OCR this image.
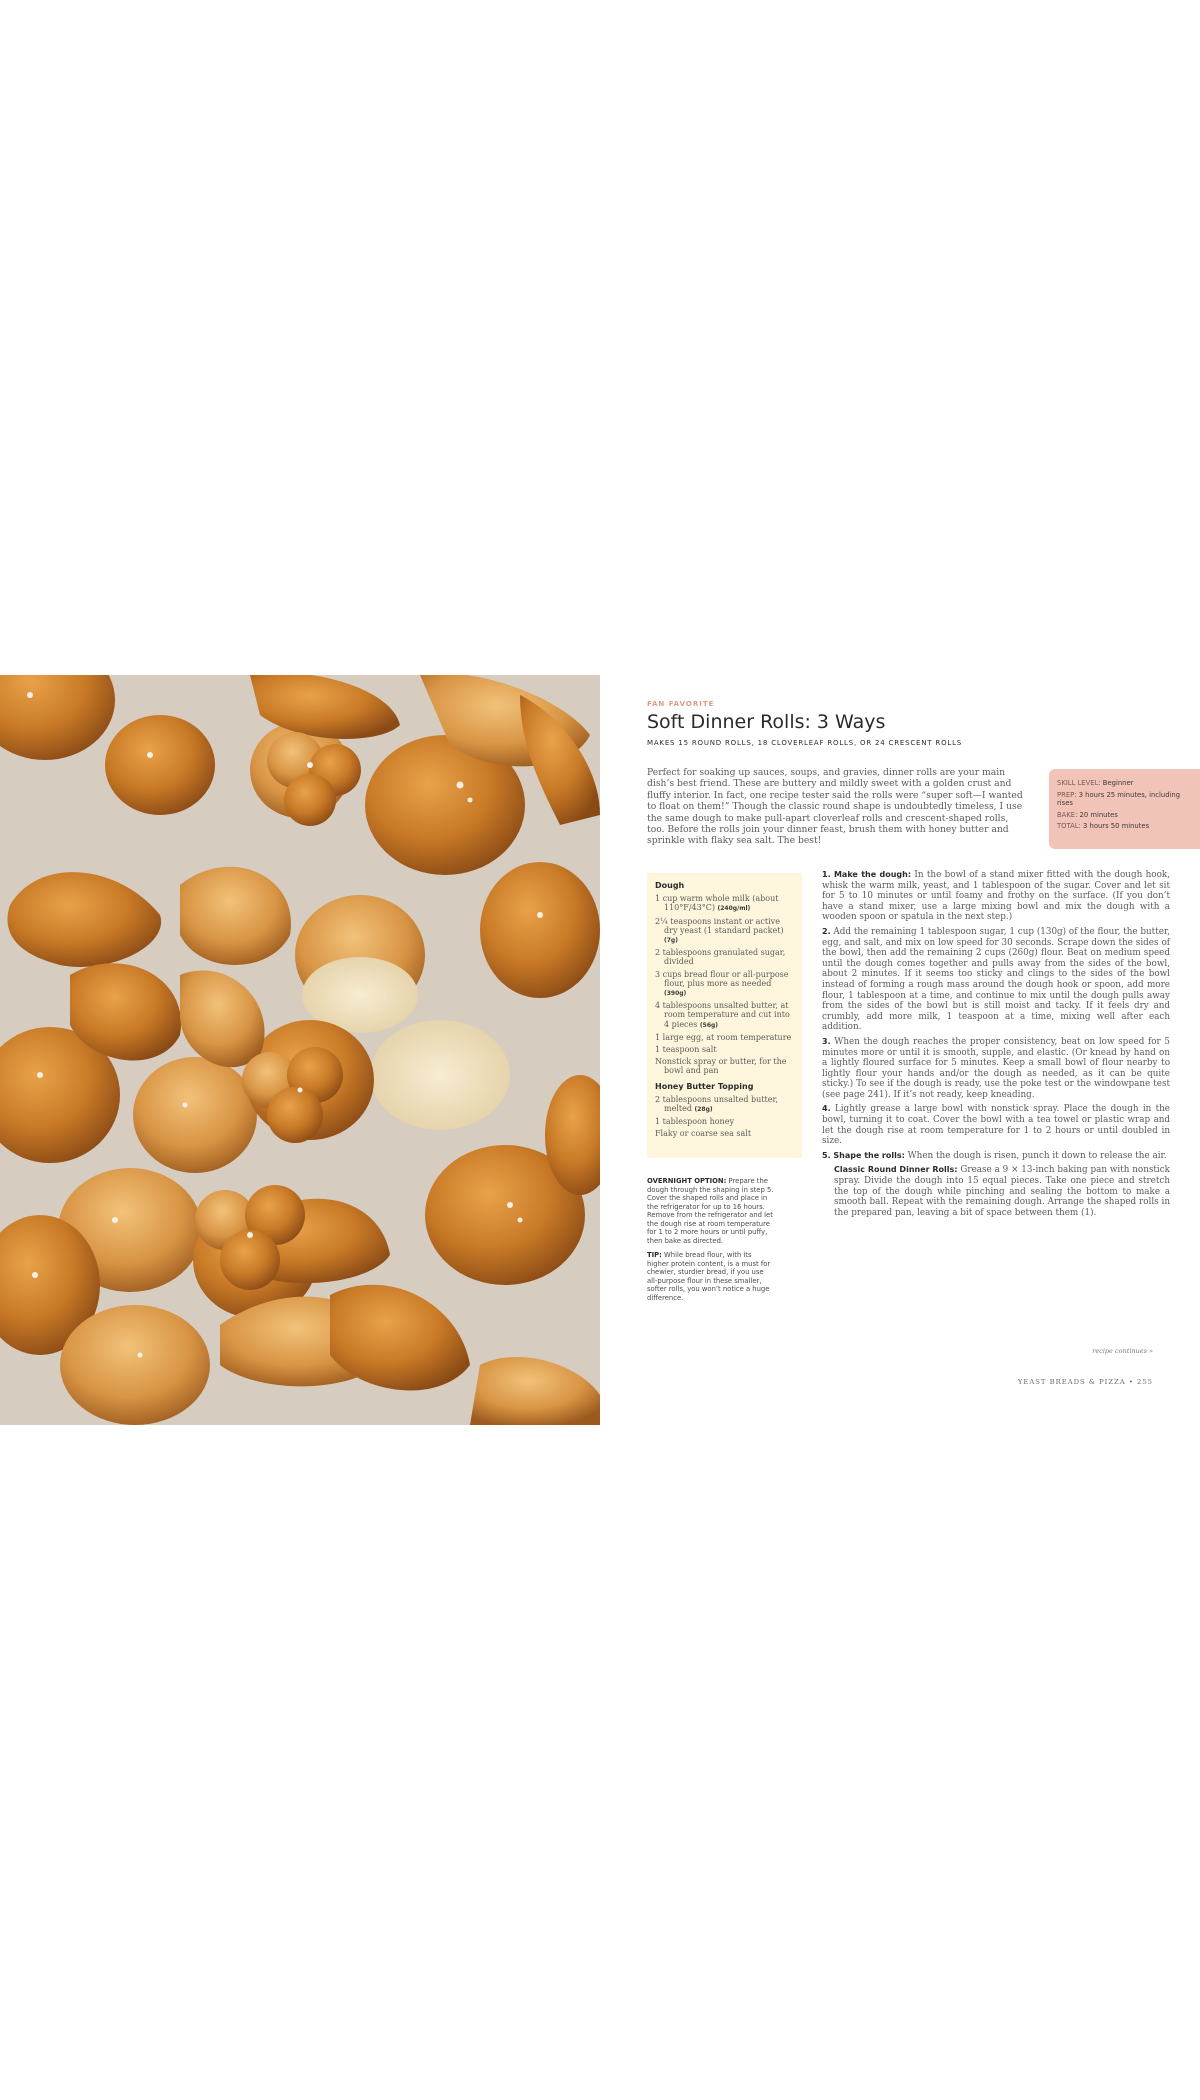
FAN FAVORITE
Soft Dinner Rolls: 3 Ways
MAKES 15 ROUND ROLLS, 18 CLOVERLEAF ROLLS, OR 24 CRESCENT ROLLS
Perfect for soaking up sauces, soups, and gravies, dinner rolls are your main dish’s best friend. These are buttery and mildly sweet with a golden crust and fluffy interior. In fact, one recipe tester said the rolls were “super soft—I wanted to float on them!” Though the classic round shape is undoubtedly timeless, I use the same dough to make pull-apart cloverleaf rolls and crescent-shaped rolls, too. Before the rolls join your dinner feast, brush them with honey butter and sprinkle with flaky sea salt. The best!
SKILL LEVEL: Beginner
PREP: 3 hours 25 minutes, including rises
BAKE: 20 minutes
TOTAL: 3 hours 50 minutes
Dough
1 cup warm whole milk (about 110°F/43°C) (240g/ml)
2¼ teaspoons instant or active dry yeast (1 standard packet) (7g)
2 tablespoons granulated sugar, divided
3 cups bread flour or all-purpose flour, plus more as needed (390g)
4 tablespoons unsalted butter, at room temperature and cut into 4 pieces (56g)
1 large egg, at room temperature
1 teaspoon salt
Nonstick spray or butter, for the bowl and pan
Honey Butter Topping
2 tablespoons unsalted butter, melted (28g)
1 tablespoon honey
Flaky or coarse sea salt

OVERNIGHT OPTION: Prepare the dough through the shaping in step 5. Cover the shaped rolls and place in the refrigerator for up to 16 hours. Remove from the refrigerator and let the dough rise at room temperature for 1 to 2 more hours or until puffy, then bake as directed.

TIP: While bread flour, with its higher protein content, is a must for chewier, sturdier bread, if you use all-purpose flour in these smaller, softer rolls, you won’t notice a huge difference.

1. Make the dough: In the bowl of a stand mixer fitted with the dough hook, whisk the warm milk, yeast, and 1 tablespoon of the sugar. Cover and let sit for 5 to 10 minutes or until foamy and frothy on the surface. (If you don’t have a stand mixer, use a large mixing bowl and mix the dough with a wooden spoon or spatula in the next step.)

2. Add the remaining 1 tablespoon sugar, 1 cup (130g) of the flour, the butter, egg, and salt, and mix on low speed for 30 seconds. Scrape down the sides of the bowl, then add the remaining 2 cups (260g) flour. Beat on medium speed until the dough comes together and pulls away from the sides of the bowl, about 2 minutes. If it seems too sticky and clings to the sides of the bowl instead of forming a rough mass around the dough hook or spoon, add more flour, 1 tablespoon at a time, and continue to mix until the dough pulls away from the sides of the bowl but is still moist and tacky. If it feels dry and crumbly, add more milk, 1 teaspoon at a time, mixing well after each addition.

3. When the dough reaches the proper consistency, beat on low speed for 5 minutes more or until it is smooth, supple, and elastic. (Or knead by hand on a lightly floured surface for 5 minutes. Keep a small bowl of flour nearby to lightly flour your hands and/or the dough as needed, as it can be quite sticky.) To see if the dough is ready, use the poke test or the windowpane test (see page 241). If it’s not ready, keep kneading.

4. Lightly grease a large bowl with nonstick spray. Place the dough in the bowl, turning it to coat. Cover the bowl with a tea towel or plastic wrap and let the dough rise at room temperature for 1 to 2 hours or until doubled in size.

5. Shape the rolls: When the dough is risen, punch it down to release the air.

Classic Round Dinner Rolls: Grease a 9 × 13-inch baking pan with nonstick spray. Divide the dough into 15 equal pieces. Take one piece and stretch the top of the dough while pinching and sealing the bottom to make a smooth ball. Repeat with the remaining dough. Arrange the shaped rolls in the prepared pan, leaving a bit of space between them (1).

recipe continues »
YEAST BREADS & PIZZA • 255
